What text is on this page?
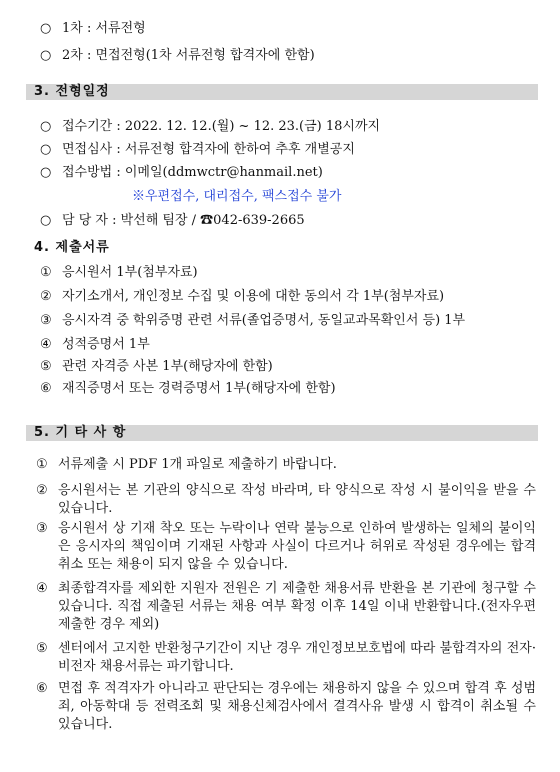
○ 1차 : 서류전형
○ 2차 : 면접전형(1차 서류전형 합격자에 한함)
3. 전형일정
○ 접수기간 : 2022. 12. 12.(월) ~ 12. 23.(금) 18시까지
○ 면접심사 : 서류전형 합격자에 한하여 추후 개별공지
○ 접수방법 : 이메일(ddmwctr@hanmail.net)
※우편접수, 대리접수, 팩스접수 불가
○ 담 당 자 : 박선해 팀장 / ☎042-639-2665
4. 제출서류
① 응시원서 1부(첨부자료)
② 자기소개서, 개인정보 수집 및 이용에 대한 동의서 각 1부(첨부자료)
③ 응시자격 중 학위증명 관련 서류(졸업증명서, 동일교과목확인서 등) 1부
④ 성적증명서 1부
⑤ 관련 자격증 사본 1부(해당자에 한함)
⑥ 재직증명서 또는 경력증명서 1부(해당자에 한함)
5. 기 타 사 항
① 서류제출 시 PDF 1개 파일로 제출하기 바랍니다.
② 응시원서는 본 기관의 양식으로 작성 바라며, 타 양식으로 작성 시 불이익을 받을 수 있습니다.
③ 응시원서 상 기재 착오 또는 누락이나 연락 불능으로 인하여 발생하는 일체의 불이익은 응시자의 책임이며 기재된 사항과 사실이 다르거나 허위로 작성된 경우에는 합격취소 또는 채용이 되지 않을 수 있습니다.
④ 최종합격자를 제외한 지원자 전원은 기 제출한 채용서류 반환을 본 기관에 청구할 수 있습니다. 직접 제출된 서류는 채용 여부 확정 이후 14일 이내 반환합니다.(전자우편 제출한 경우 제외)
⑤ 센터에서 고지한 반환청구기간이 지난 경우 개인정보보호법에 따라 불합격자의 전자·비전자 채용서류는 파기합니다.
⑥ 면접 후 적격자가 아니라고 판단되는 경우에는 채용하지 않을 수 있으며 합격 후 성범죄, 아동학대 등 전력조회 및 채용신체검사에서 결격사유 발생 시 합격이 취소될 수 있습니다.
